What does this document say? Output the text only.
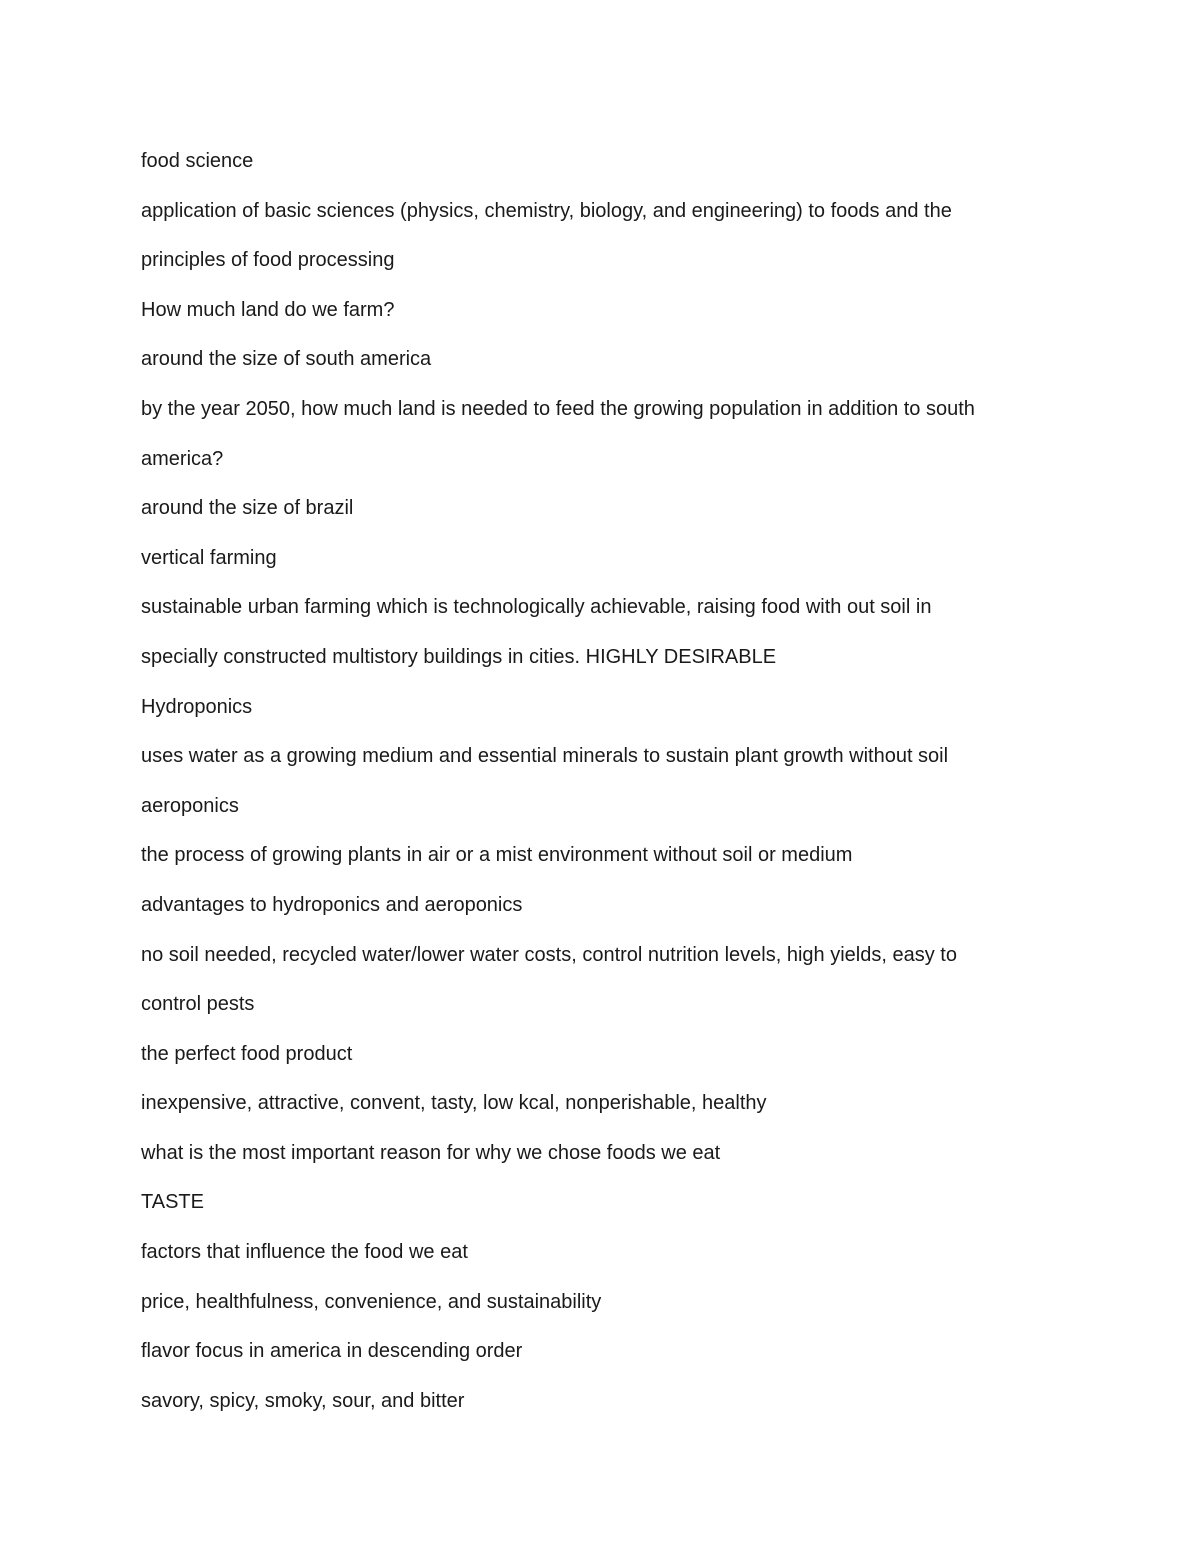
food science

application of basic sciences (physics, chemistry, biology, and engineering) to foods and the

principles of food processing

How much land do we farm?

around the size of south america

by the year 2050, how much land is needed to feed the growing population in addition to south

america?

around the size of brazil

vertical farming

sustainable urban farming which is technologically achievable, raising food with out soil in

specially constructed multistory buildings in cities. HIGHLY DESIRABLE

Hydroponics

uses water as a growing medium and essential minerals to sustain plant growth without soil

aeroponics

the process of growing plants in air or a mist environment without soil or medium

advantages to hydroponics and aeroponics

no soil needed, recycled water/lower water costs, control nutrition levels, high yields, easy to

control pests

the perfect food product

inexpensive, attractive, convent, tasty, low kcal, nonperishable, healthy

what is the most important reason for why we chose foods we eat

TASTE

factors that influence the food we eat

price, healthfulness, convenience, and sustainability

flavor focus in america in descending order

savory, spicy, smoky, sour, and bitter
